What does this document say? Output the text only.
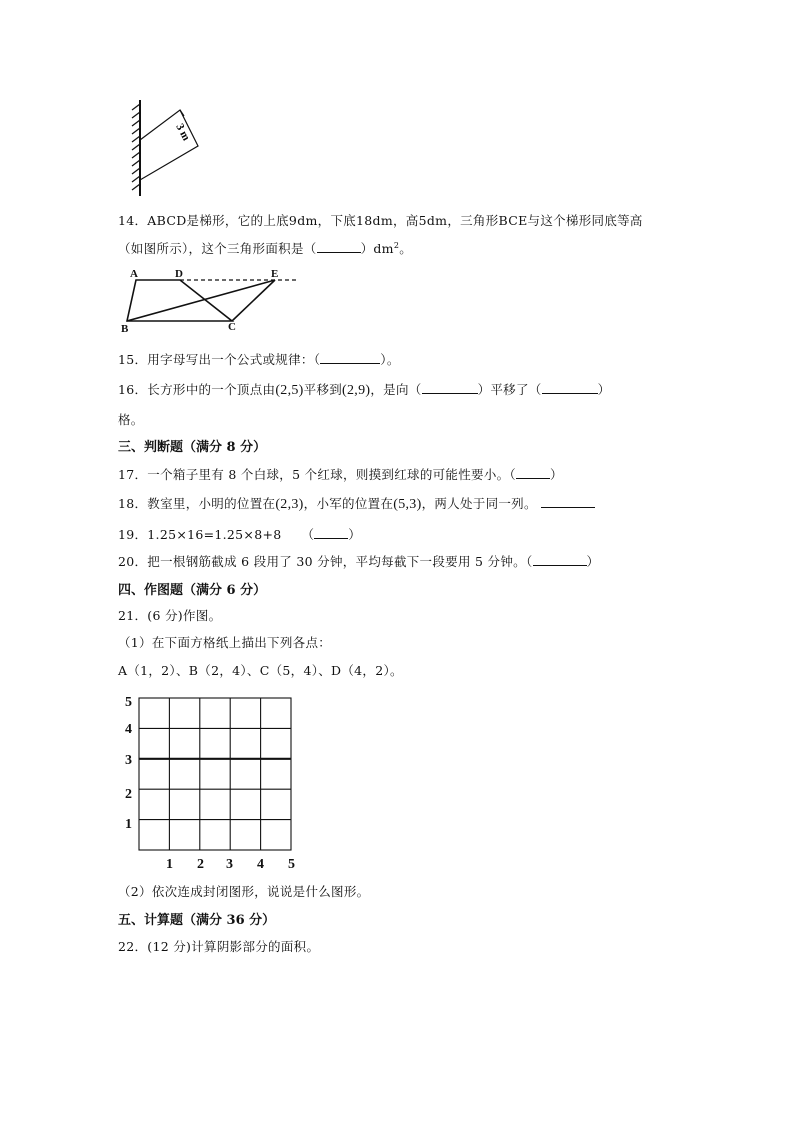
3 m
14．ABCD是梯形，它的上底9dm，下底18dm，高5dm，三角形BCE与这个梯形同底等高
（如图所示），这个三角形面积是（	）$dm^2$。
A	D	E
B	C
15．用字母写出一个公式或规律：（	）。
16．长方形中的一个顶点由(2,5)平移到(2,9)，是向（	）平移了（	）
格。
三、判断题（满分 8 分）
17．一个箱子里有 8 个白球，5 个红球，则摸到红球的可能性要小。（	）
18．教室里，小明的位置在(2,3)，小军的位置在(5,3)，两人处于同一列。
19．1.25×16=1.25×8+8 （	）
20．把一根钢筋截成 6 段用了 30 分钟，平均每截下一段要用 5 分钟。（	）
四、作图题（满分 6 分）
21．(6 分)作图。
（1）在下面方格纸上描出下列各点：
A（1，2）、B（2，4）、C（5，4）、D（4，2）。
5
4
3
2
1
1 2 3 4 5
（2）依次连成封闭图形，说说是什么图形。
五、计算题（满分 36 分）
22．(12 分)计算阴影部分的面积。
